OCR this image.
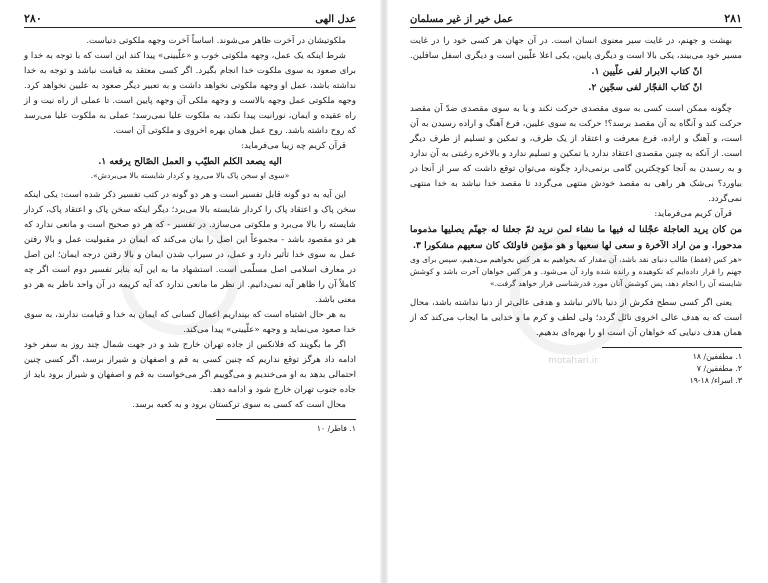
عدل الهی
۲۸۰

ملکوتیشان در آخرت ظاهر می‌شوند. اساساً آخرت وجهه ملکوتی دنیاست.

شرط اینکه یک عمل، وجهه ملکوتی خوب و «علّیینی» پیدا کند این است که با توجه به خدا و برای صعود به سوی ملکوت خدا انجام بگیرد. اگر کسی معتقد به قیامت نباشد و توجه به خدا نداشته باشد، عمل او وجهه ملکوتی نخواهد داشت و به تعبیر دیگر صعود به علیین نخواهد کرد. وجهه ملکوتی عمل وجهه بالاست و وجهه ملکی آن وجهه پایین است. تا عملی از راه نیت و از راه عقیده و ایمان، نورانیت پیدا نکند، به ملکوت علیا نمی‌رسد؛ عملی به ملکوت علیا می‌رسد که روح داشته باشد. روح عمل همان بهره اخروی و ملکوتی آن است.

قرآن کریم چه زیبا می‌فرماید:

الیه یصعد الکلم الطیّب و العمل الصّالح یرفعه ۱.

«سوی او سخن پاک بالا می‌رود و کردار شایسته بالا می‌بردش».

این آیه به دو گونه قابل تفسیر است و هر دو گونه در کتب تفسیر ذکر شده است: یکی اینکه سخن پاک و اعتقاد پاک را کردار شایسته بالا می‌برد؛ دیگر اینکه سخن پاک و اعتقاد پاک، کردار شایسته را بالا می‌برد و ملکوتی می‌سازد. در تفسیر - که هر دو صحیح است و مانعی ندارد که هر دو مقصود باشد - مجموعاً این اصل را بیان می‌کند که ایمان در مقبولیت عمل و بالا رفتن عمل به سوی خدا تأثیر دارد و عمل، در سیراب شدن ایمان و بالا رفتن درجه ایمان؛ این اصل در معارف اسلامی اصل مسلّمی است. استشهاد ما به این آیه بنابر تفسیر دوم است اگر چه کاملاً آن را ظاهر آیه نمی‌دانیم. از نظر ما مانعی ندارد که آیه کریمه در آن واحد ناظر به هر دو معنی باشد.

به هر حال اشتباه است که بپنداریم اعمال کسانی که ایمان به خدا و قیامت ندارند، به سوی خدا صعود می‌نماید و وجهه «علّیینی» پیدا می‌کند.

اگر ما بگویند که فلانکس از جاده تهران خارج شد و در جهت شمال چند روز به سفر خود ادامه داد هرگز توقع نداریم که چنین کسی به قم و اصفهان و شیراز برسد، اگر کسی چنین احتمالی بدهد به او می‌خندیم و می‌گوییم اگر می‌خواست به قم و اصفهان و شیراز برود باید از جاده جنوب تهران خارج شود و ادامه دهد.

محال است که کسی به سوی ترکستان برود و به کعبه برسد.

۱. فاطر/ ۱۰

۲۸۱
عمل خیر از غیر مسلمان

بهشت و جهنم، در غایت سیر معنوی انسان است. در آن جهان هر کسی خود را در غایت مسیر خود می‌بیند، یکی بالا است و دیگری پایین، یکی اعلا علّیین است و دیگری اسفل سافلین.

انّ کتاب الابرار لفی علّیین ۱.

انّ کتاب الفجّار لفی سجّین ۲.

چگونه ممکن است کسی به سوی مقصدی حرکت نکند و یا به سوی مقصدی ضدّ آن مقصد حرکت کند و آنگاه به آن مقصد برسد؟! حرکت به سوی علیین، فرع آهنگ و اراده رسیدن به آن است، و آهنگ و اراده، فرع معرفت و اعتقاد از یک طرف، و تمکین و تسلیم از طرف دیگر است. از آنکه به چنین مقصدی اعتقاد ندارد یا تمکین و تسلیم ندارد و بالاخره رغبتی به آن ندارد و به رسیدن به آنجا کوچکترین گامی برنمی‌دارد چگونه می‌توان توقع داشت که سر از آنجا در بیاورد؟ بی‌شک هر راهی به مقصد خودش منتهی می‌گردد تا مقصد خدا نباشد به خدا منتهی نمی‌گردد.

قرآن کریم می‌فرماید:

من کان یرید العاجلة عجّلنا له فیها ما نشاء لمن نرید ثمّ جعلنا له جهنّم یصلیها مذموما مدحورا. و من اراد الآخرة و سعی لها سعیها و هو مؤمن فاولئک کان سعیهم مشکورا ۳.

«هر کس (فقط) طالب دنیای نقد باشد، آن مقدار که بخواهیم به هر کس بخواهیم می‌دهیم، سپس برای وی جهنم را قرار داده‌ایم که نکوهیده و رانده شده وارد آن می‌شود. و هر کس خواهان آخرت باشد و کوشش شایسته آن را انجام دهد، پس کوشش آنان مورد قدرشناسی قرار خواهد گرفت.»

یعنی اگر کسی سطح فکرش از دنیا بالاتر نباشد و هدفی عالی‌تر از دنیا نداشته باشد، محال است که به هدف عالی اخروی نائل گردد؛ ولی لطف و کرم ما و خدایی ما ایجاب می‌کند که از همان هدف دنیایی که خواهان آن است او را بهره‌ای بدهیم.

۱. مطففین/ ۱۸

۲. مطففین/ ۷

۳. اسراء/ ۱۸-۱۹

motahari.ir
